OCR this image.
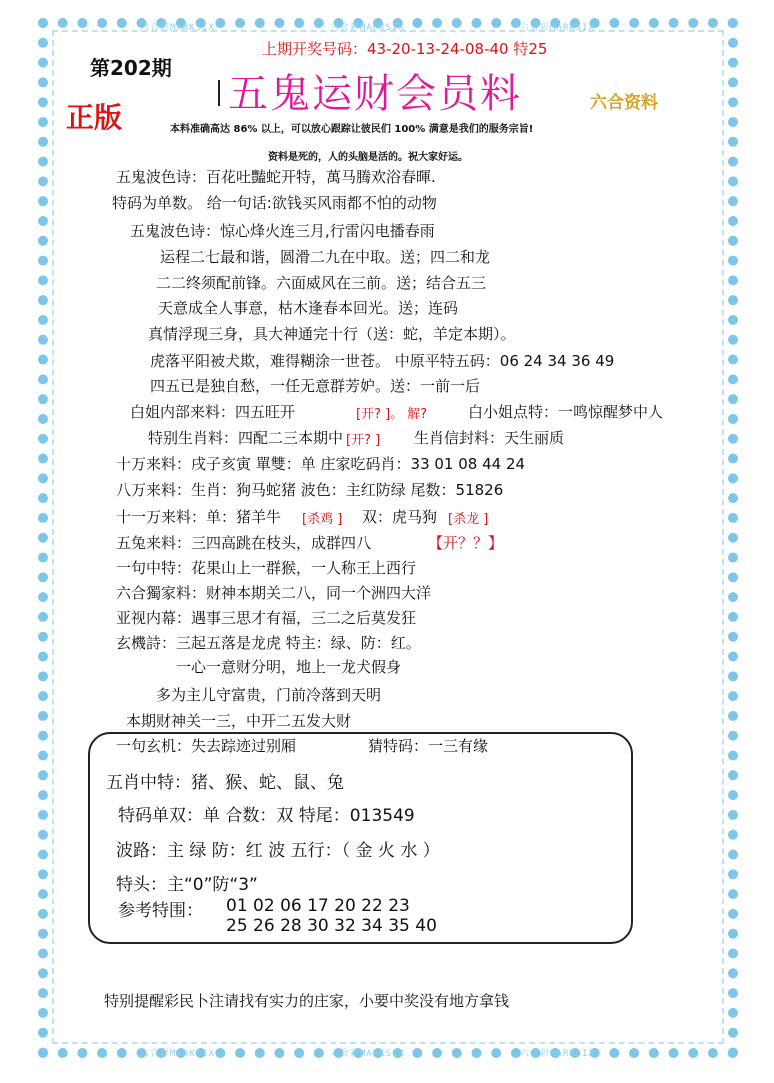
六合彩MARKSIX	六合彩MARKSIX	六合彩MARKSIX
六合彩MARKSIX	六合彩MARKSIX	六合彩MARKSIX
第202期
上期开奖号码：43-20-13-24-08-40 特25
五鬼运财会员料
正版	六合资料
本料准确高达 86% 以上，可以放心跟踪让彼民们 100% 满意是我们的服务宗旨!
资料是死的，人的头脑是活的。祝大家好运。
五鬼波色诗：百花吐豔蛇开特，萬马腾欢浴春暉.
特码为单数。 给一句话:欲钱买风雨都不怕的动物
五鬼波色诗：惊心烽火连三月,行雷闪电播春雨
运程二七最和谐，圆滑二九在中取。送；四二和龙
二二终须配前锋。六面威风在三前。送；结合五三
天意成全人事意，枯木逢春本回光。送；连码
真情浮现三身，具大神通完十行（送：蛇，羊定本期）。
虎落平阳被犬欺，难得糊涂一世苍。 中原平特五码：06 24 34 36 49
四五已是独自愁，一任无意群芳妒。送：一前一后
白姐内部来料：四五旺开	[开? ]。 解?	白小姐点特：一鸣惊醒梦中人
特别生肖料：四配二三本期中 [开? ] 生肖信封料：天生丽质
十万来料：戌子亥寅 單雙：单 庄家吃码肖：33 01 08 44 24
八万来料：生肖：狗马蛇猪 波色：主红防绿 尾数：51826
十一万来料：单：猪羊牛 [杀鸡 ] 双：虎马狗 [杀龙 ]
五兔来料：三四高跳在枝头，成群四八	【开？？】
一句中特：花果山上一群猴，一人称王上西行
六合獨家料：财神本期关二八，同一个洲四大洋
亚视内幕：遇事三思才有福，三二之后莫发狂
玄機詩：三起五落是龙虎 特主：绿、防：红。
一心一意财分明，地上一龙犬假身
多为主儿守富贵，门前冷落到天明
本期财神关一三，中开二五发大财
一句玄机：失去踪迹过别厢	猜特码：一三有缘
五肖中特：猪、猴、蛇、鼠、兔
特码单双：单 合数：双 特尾：013549
波路：主 绿 防：红 波 五行：（ 金 火 水 ）
特头：主“0”防“3”
参考特围： 01 02 06 17 20 22 23
25 26 28 30 32 34 35 40
特别提醒彩民卜注请找有实力的庄家，小要中奖没有地方拿钱
